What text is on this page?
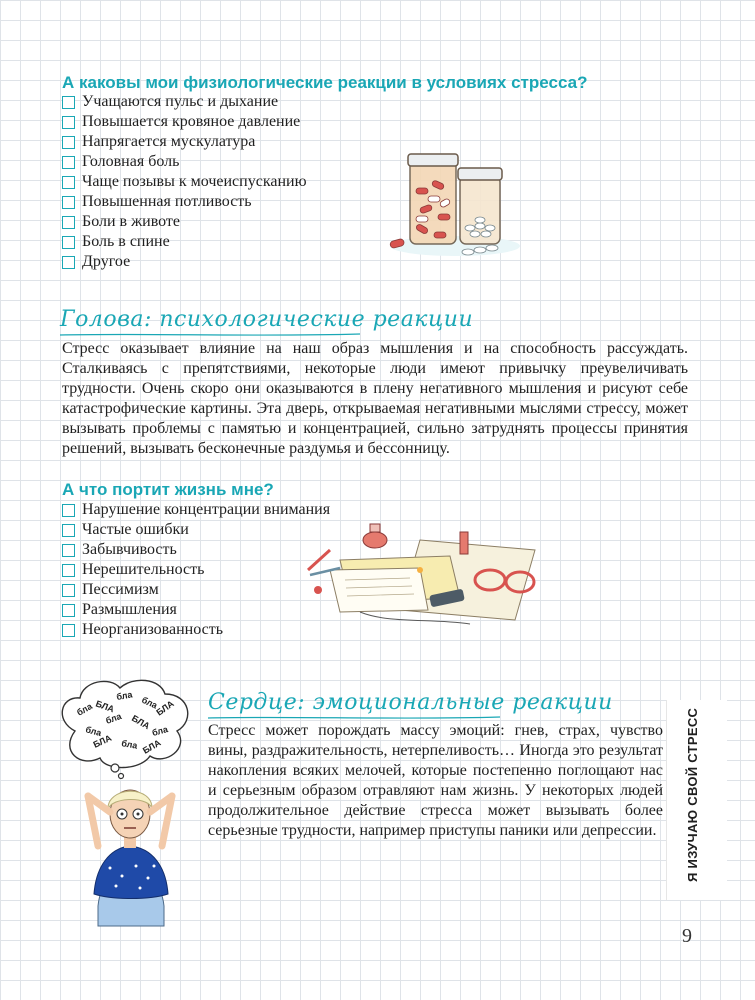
А каковы мои физиологические реакции в условиях стресса?
Учащаются пульс и дыхание
Повышается кровяное давление
Напрягается мускулатура
Головная боль
Чаще позывы к мочеиспусканию
Повышенная потливость
Боли в животе
Боль в спине
Другое
Голова: психологические реакции

Стресс оказывает влияние на наш образ мышления и на способность рассуждать. Сталкиваясь с препятствиями, некоторые люди имеют привычку преувеличивать трудности. Очень скоро они оказываются в плену негативного мышления и рисуют себе катастрофические картины. Эта дверь, открываемая негативными мыслями стрессу, может вызывать проблемы с памятью и концентрацией, сильно затруднять процессы принятия решений, вызывать бесконечные раздумья и бессонницу.

А что портит жизнь мне?
Нарушение концентрации внимания
Частые ошибки
Забывчивость
Нерешительность
Пессимизм
Размышления
Неорганизованность
бла БЛА
бла бла
БЛА
бла
бла БЛА бла
БЛА бла БЛА
Сердце: эмоциональные реакции

Стресс может порождать массу эмоций: гнев, страх, чувство вины, раздражительность, нетерпеливость… Иногда это результат накопления всяких мелочей, которые постепенно поглощают нас и серьезным образом отравляют нам жизнь. У некоторых людей продолжительное действие стресса может вызывать более серьезные трудности, например приступы паники или депрессии.	Я ИЗУЧАЮ СВОЙ СТРЕСС
9
